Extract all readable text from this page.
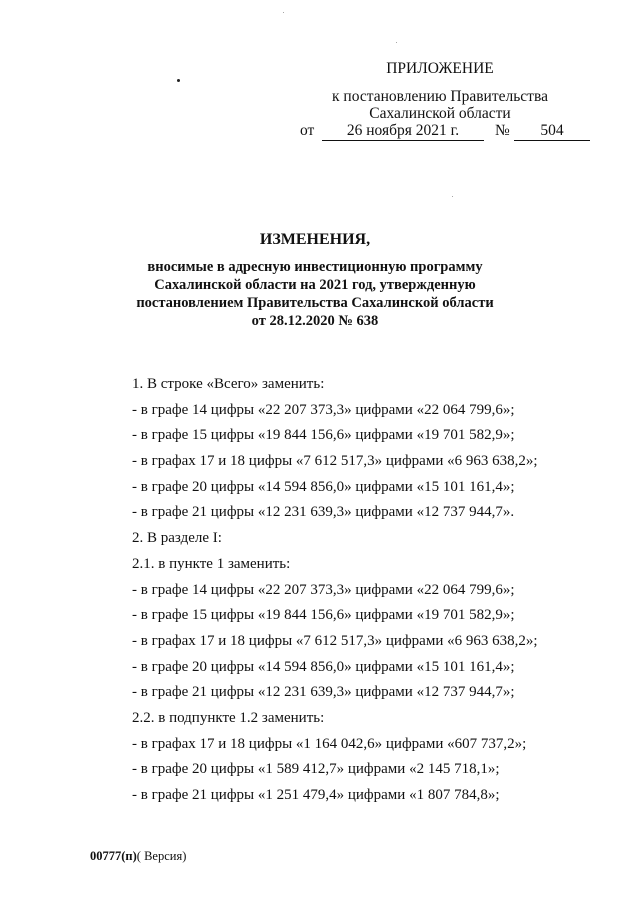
ПРИЛОЖЕНИЕ
к постановлению Правительства
Сахалинской области
от	26 ноября 2021 г.	№	504
ИЗМЕНЕНИЯ,
вносимые в адресную инвестиционную программу
Сахалинской области на 2021 год, утвержденную
постановлением Правительства Сахалинской области
от 28.12.2020 № 638
1. В строке «Всего» заменить:
- в графе 14 цифры «22 207 373,3» цифрами «22 064 799,6»;
- в графе 15 цифры «19 844 156,6» цифрами «19 701 582,9»;
- в графах 17 и 18 цифры «7 612 517,3» цифрами «6 963 638,2»;
- в графе 20 цифры «14 594 856,0» цифрами «15 101 161,4»;
- в графе 21 цифры «12 231 639,3» цифрами «12 737 944,7».
2. В разделе I:
2.1. в пункте 1 заменить:
- в графе 14 цифры «22 207 373,3» цифрами «22 064 799,6»;
- в графе 15 цифры «19 844 156,6» цифрами «19 701 582,9»;
- в графах 17 и 18 цифры «7 612 517,3» цифрами «6 963 638,2»;
- в графе 20 цифры «14 594 856,0» цифрами «15 101 161,4»;
- в графе 21 цифры «12 231 639,3» цифрами «12 737 944,7»;
2.2. в подпункте 1.2 заменить:
- в графах 17 и 18 цифры «1 164 042,6» цифрами «607 737,2»;
- в графе 20 цифры «1 589 412,7» цифрами «2 145 718,1»;
- в графе 21 цифры «1 251 479,4» цифрами «1 807 784,8»;
00777(п)( Версия)
